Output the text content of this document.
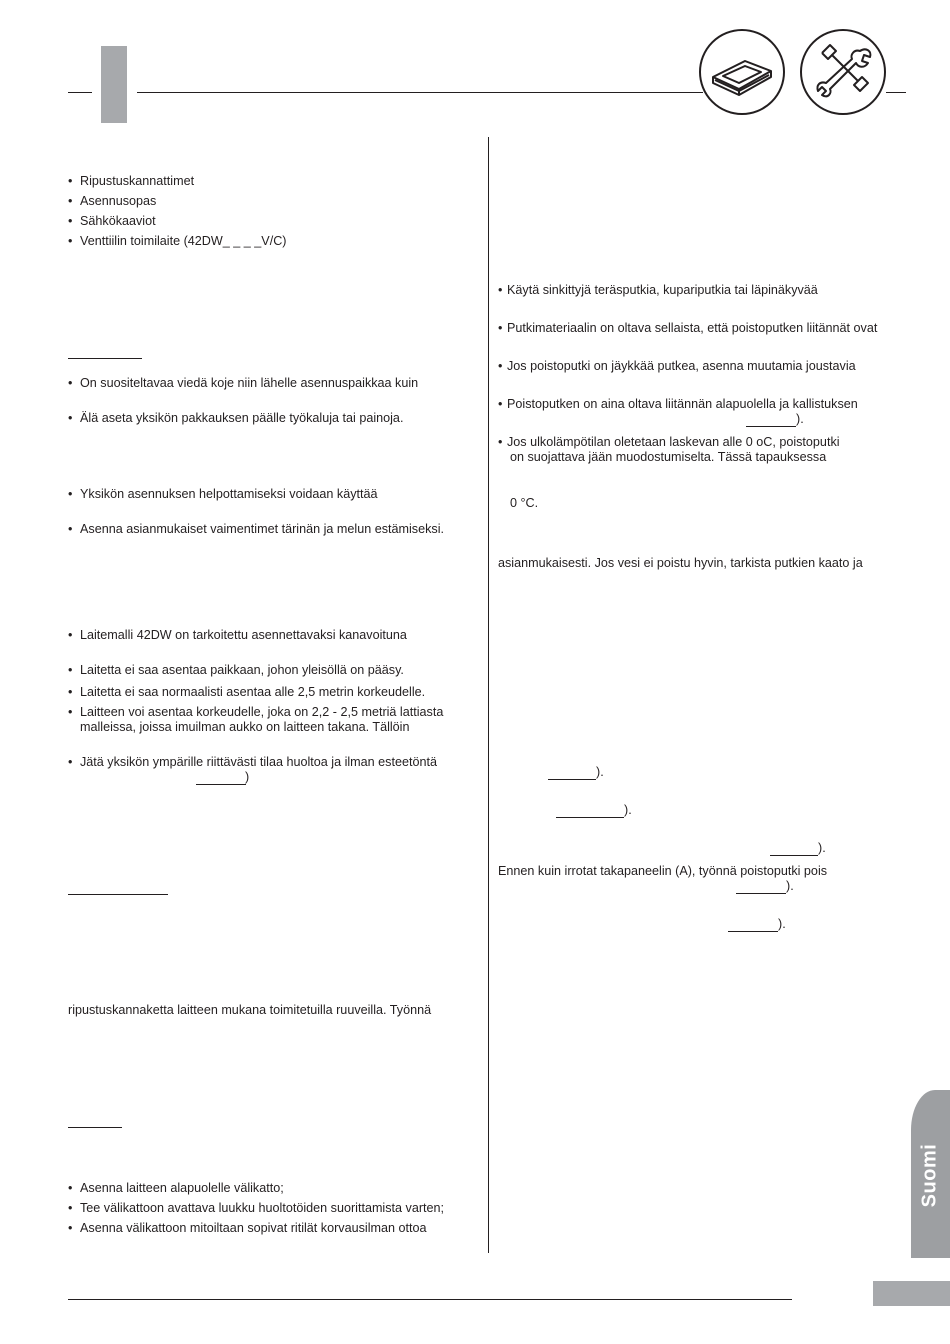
• Ripustuskannattimet
• Asennusopas
• Sähkökaaviot
• Venttiilin toimilaite (42DW_ _ _ _V/C)
• On suositeltavaa viedä koje niin lähelle asennuspaikkaa kuin
• Älä aseta yksikön pakkauksen päälle työkaluja tai painoja.
• Yksikön asennuksen helpottamiseksi voidaan käyttää
• Asenna asianmukaiset vaimentimet tärinän ja melun estämiseksi.
• Laitemalli 42DW on tarkoitettu asennettavaksi kanavoituna
• Laitetta ei saa asentaa paikkaan, johon yleisöllä on pääsy.
• Laitetta ei saa normaalisti asentaa alle 2,5 metrin korkeudelle.
• Laitteen voi asentaa korkeudelle, joka on 2,2 - 2,5 metriä lattiasta
malleissa, joissa imuilman aukko on laitteen takana. Tällöin
• Jätä yksikön ympärille riittävästi tilaa huoltoa ja ilman esteetöntä
)
ripustuskannaketta laitteen mukana toimitetuilla ruuveilla. Työnnä
• Asenna laitteen alapuolelle välikatto;
• Tee välikattoon avattava luukku huoltotöiden suorittamista varten;
• Asenna välikattoon mitoiltaan sopivat ritilät korvausilman ottoa
• Käytä sinkittyjä teräsputkia, kupariputkia tai läpinäkyvää
• Putkimateriaalin on oltava sellaista, että poistoputken liitännät ovat
• Jos poistoputki on jäykkää putkea, asenna muutamia joustavia
• Poistoputken on aina oltava liitännän alapuolella ja kallistuksen
).
• Jos ulkolämpötilan oletetaan laskevan alle 0 oC, poistoputki
on suojattava jään muodostumiselta. Tässä tapauksessa
0 °C.
asianmukaisesti. Jos vesi ei poistu hyvin, tarkista putkien kaato ja
).
).
).
Ennen kuin irrotat takapaneelin (A), työnnä poistoputki pois
).
).
Suomi
